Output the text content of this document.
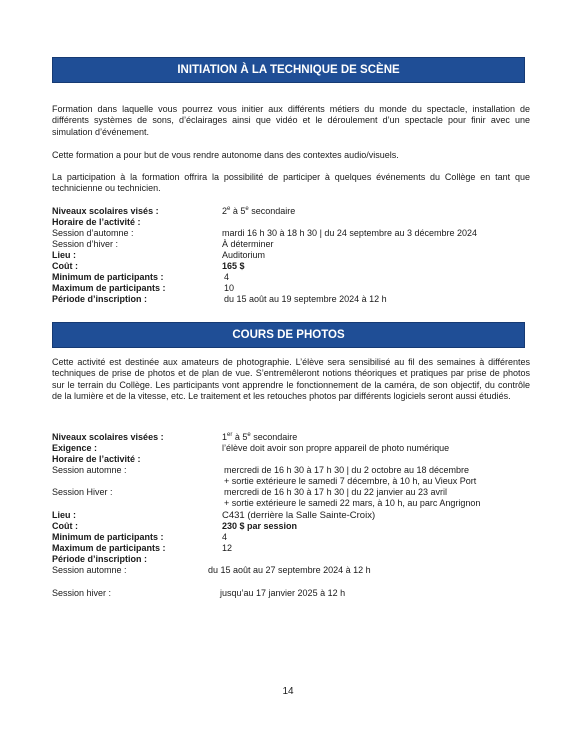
INITIATION À LA TECHNIQUE DE SCÈNE

Formation dans laquelle vous pourrez vous initier aux différents métiers du monde du spectacle, installation de différents systèmes de sons, d’éclairages ainsi que vidéo et le déroulement d’un spectacle pour finir avec une simulation d’événement.

Cette formation a pour but de vous rendre autonome dans des contextes audio/visuels.

La participation à la formation offrira la possibilité de participer à quelques événements du Collège en tant que technicienne ou technicien.

Niveaux scolaires visés :	2e à 5e secondaire
Horaire de l’activité :
Session d’automne :	mardi 16 h 30 à 18 h 30 | du 24 septembre au 3 décembre 2024
Session d’hiver :	À déterminer
Lieu :	Auditorium
Coût :	165 $
Minimum de participants :	4
Maximum de participants :	10
Période d’inscription :	du 15 août au 19 septembre 2024 à 12 h
COURS DE PHOTOS

Cette activité est destinée aux amateurs de photographie. L’élève sera sensibilisé au fil des semaines à différentes techniques de prise de photos et de plan de vue. S’entremêleront notions théoriques et pratiques par prise de photos sur le terrain du Collège. Les participants vont apprendre le fonctionnement de la caméra, de son objectif, du contrôle de la lumière et de la vitesse, etc. Le traitement et les retouches photos par différents logiciels seront aussi étudiés.

Niveaux scolaires visées :	1er à 5e secondaire
Exigence :	l’élève doit avoir son propre appareil de photo numérique
Horaire de l’activité :
Session automne :	mercredi de 16 h 30 à 17 h 30 | du 2 octobre au 18 décembre
+ sortie extérieure le samedi 7 décembre, à 10 h, au Vieux Port
Session Hiver :	mercredi de 16 h 30 à 17 h 30 | du 22 janvier au 23 avril
+ sortie extérieure le samedi 22 mars, à 10 h, au parc Angrignon
Lieu :	C431 (derrière la Salle Sainte-Croix)
Coût :	230 $ par session
Minimum de participants :	4
Maximum de participants :	12
Période d’inscription :
Session automne :	du 15 août au 27 septembre 2024 à 12 h
Session hiver :	jusqu’au 17 janvier 2025 à 12 h
14
